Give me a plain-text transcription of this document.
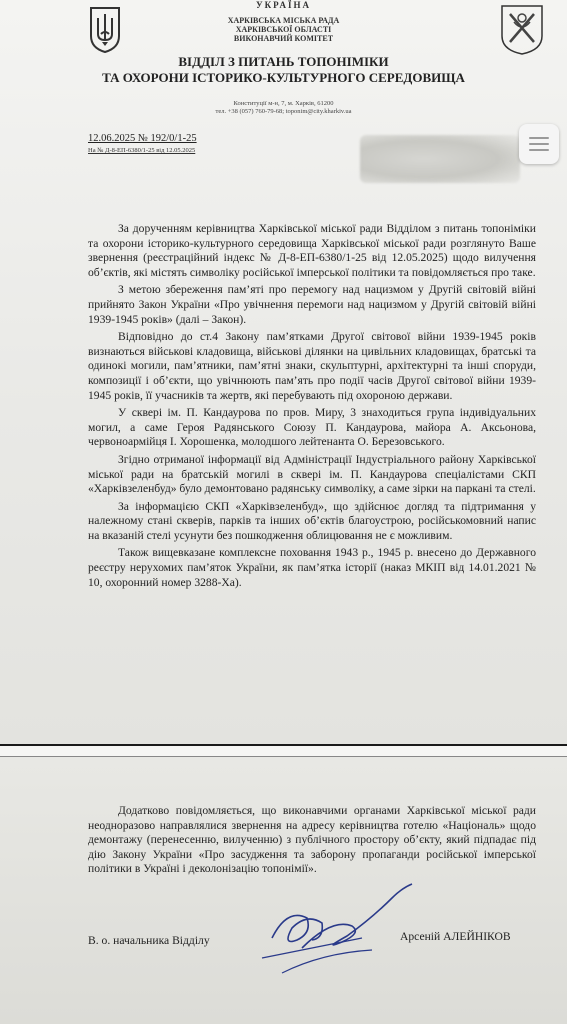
УКРАЇНА
ХАРКІВСЬКА МІСЬКА РАДА
ХАРКІВСЬКОЇ ОБЛАСТІ
ВИКОНАВЧИЙ КОМІТЕТ
ВІДДІЛ З ПИТАНЬ ТОПОНІМІКИ
ТА ОХОРОНИ ІСТОРИКО-КУЛЬТУРНОГО СЕРЕДОВИЩА
Конституції м-н, 7, м. Харків, 61200
тел. +38 (057) 760-79-68; toponim@city.kharkiv.ua
12.06.2025 № 192/0/1-25
На № Д-8-ЕП-6380/1-25 від 12.05.2025

За дорученням керівництва Харківської міської ради Відділом з питань топоніміки та охорони історико-культурного середовища Харківської міської ради розглянуто Ваше звернення (реєстраційний індекс № Д-8-ЕП-6380/1-25 від 12.05.2025) щодо вилучення об’єктів, які містять символіку російської імперської політики та повідомляється про таке.

З метою збереження пам’яті про перемогу над нацизмом у Другій світовій війні прийнято Закон України «Про увічнення перемоги над нацизмом у Другій світовій війні 1939-1945 років» (далі – Закон).

Відповідно до ст.4 Закону пам’ятками Другої світової війни 1939-1945 років визнаються військові кладовища, військові ділянки на цивільних кладовищах, братські та одинокі могили, пам’ятники, пам’ятні знаки, скульптурні, архітектурні та інші споруди, композиції і об’єкти, що увічнюють пам’ять про події часів Другої світової війни 1939-1945 років, її учасників та жертв, які перебувають під охороною держави.

У сквері ім. П. Кандаурова по пров. Миру, 3 знаходиться група індивідуальних могил, а саме Героя Радянського Союзу П. Кандаурова, майора А. Аксьонова, червоноармійця І. Хорошенка, молодшого лейтенанта О. Березовського.

Згідно отриманої інформації від Адміністрації Індустріального району Харківської міської ради на братській могилі в сквері ім. П. Кандаурова спеціалістами СКП «Харківзеленбуд» було демонтовано радянську символіку, а саме зірки на паркані та стелі.

За інформацією СКП «Харківзеленбуд», що здійснює догляд та підтримання у належному стані скверів, парків та інших об’єктів благоустрою, російськомовний напис на вказаній стелі усунути без пошкодження облицювання не є можливим.

Також вищевказане комплексне поховання 1943 р., 1945 р. внесено до Державного реєстру нерухомих пам’яток України, як пам’ятка історії (наказ МКІП від 14.01.2021 № 10, охоронний номер 3288-Ха).

Додатково повідомляється, що виконавчими органами Харківської міської ради неодноразово направлялися звернення на адресу керівництва готелю «Національ» щодо демонтажу (перенесенню, вилученню) з публічного простору об’єкту, який підпадає під дію Закону України «Про засудження та заборону пропаганди російської імперської політики в Україні і деколонізацію топонімії».

В. о. начальника Відділу	Арсеній АЛЕЙНІКОВ
